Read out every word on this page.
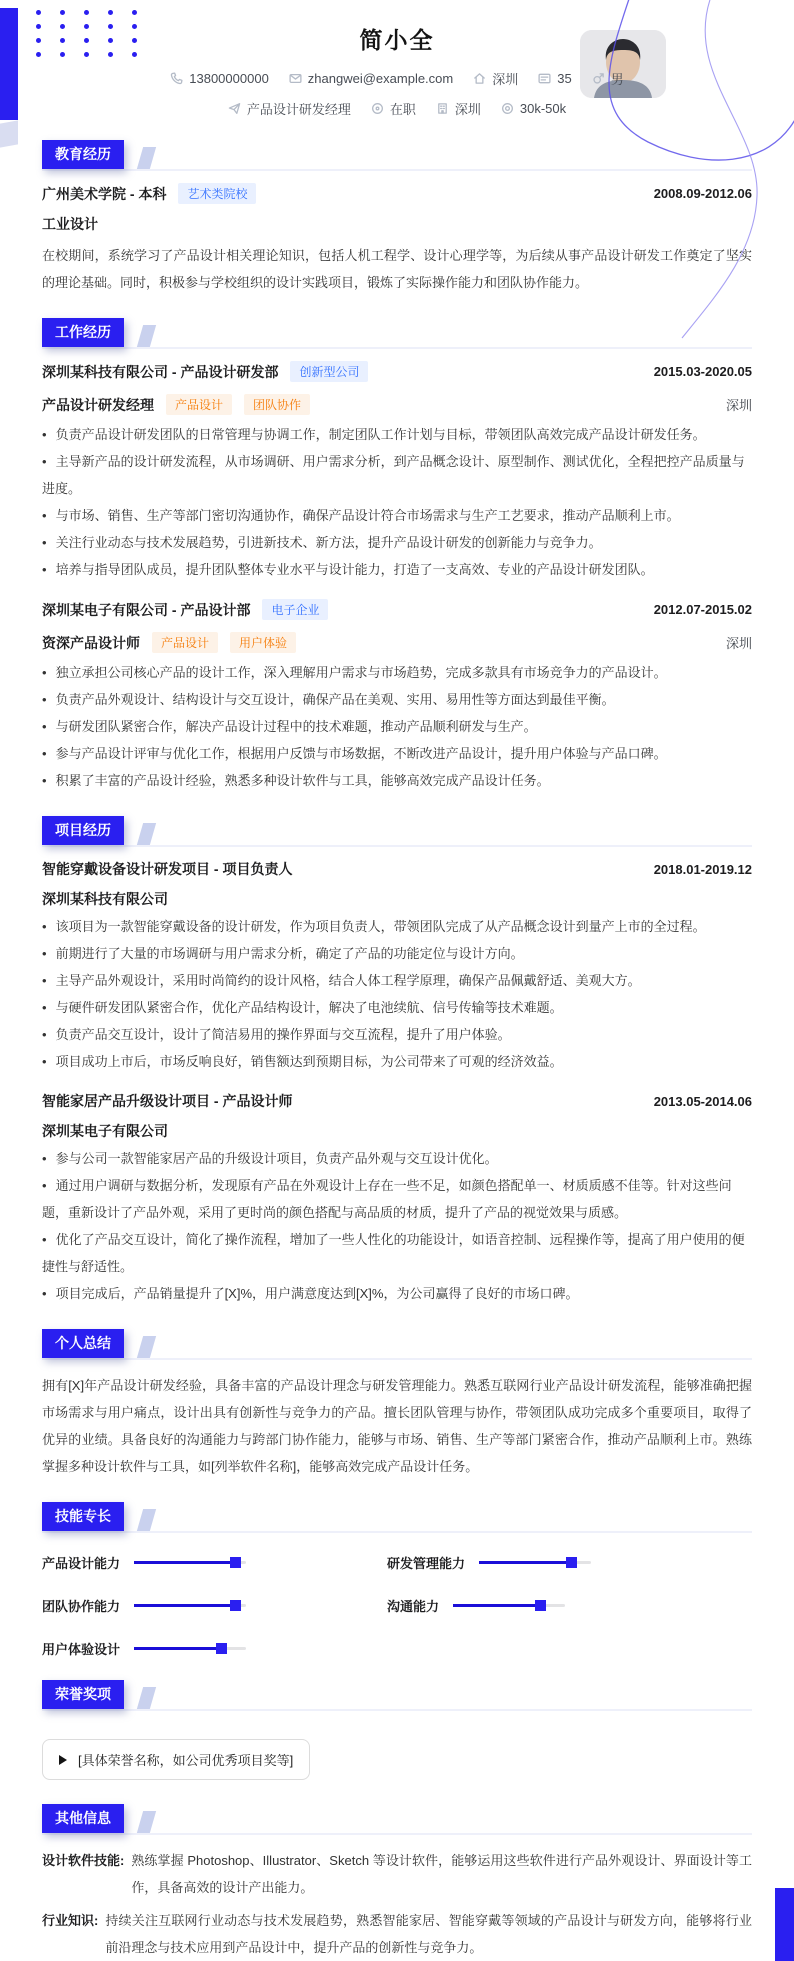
简小全
13800000000	zhangwei@example.com	深圳	35	男
产品设计研发经理	在职	深圳	30k-50k
教育经历
广州美术学院 - 本科	艺术类院校	2008.09-2012.06
工业设计
在校期间，系统学习了产品设计相关理论知识，包括人机工程学、设计心理学等，为后续从事产品设计研发工作奠定了坚实的理论基础。同时，积极参与学校组织的设计实践项目，锻炼了实际操作能力和团队协作能力。
工作经历
深圳某科技有限公司 - 产品设计研发部	创新型公司	2015.03-2020.05
产品设计研发经理	产品设计	团队协作	深圳
• 负责产品设计研发团队的日常管理与协调工作，制定团队工作计划与目标，带领团队高效完成产品设计研发任务。
• 主导新产品的设计研发流程，从市场调研、用户需求分析，到产品概念设计、原型制作、测试优化，全程把控产品质量与进度。
• 与市场、销售、生产等部门密切沟通协作，确保产品设计符合市场需求与生产工艺要求，推动产品顺利上市。
• 关注行业动态与技术发展趋势，引进新技术、新方法，提升产品设计研发的创新能力与竞争力。
• 培养与指导团队成员，提升团队整体专业水平与设计能力，打造了一支高效、专业的产品设计研发团队。
深圳某电子有限公司 - 产品设计部	电子企业	2012.07-2015.02
资深产品设计师	产品设计	用户体验	深圳
• 独立承担公司核心产品的设计工作，深入理解用户需求与市场趋势，完成多款具有市场竞争力的产品设计。
• 负责产品外观设计、结构设计与交互设计，确保产品在美观、实用、易用性等方面达到最佳平衡。
• 与研发团队紧密合作，解决产品设计过程中的技术难题，推动产品顺利研发与生产。
• 参与产品设计评审与优化工作，根据用户反馈与市场数据，不断改进产品设计，提升用户体验与产品口碑。
• 积累了丰富的产品设计经验，熟悉多种设计软件与工具，能够高效完成产品设计任务。
项目经历
智能穿戴设备设计研发项目 - 项目负责人	2018.01-2019.12
深圳某科技有限公司
• 该项目为一款智能穿戴设备的设计研发，作为项目负责人，带领团队完成了从产品概念设计到量产上市的全过程。
• 前期进行了大量的市场调研与用户需求分析，确定了产品的功能定位与设计方向。
• 主导产品外观设计，采用时尚简约的设计风格，结合人体工程学原理，确保产品佩戴舒适、美观大方。
• 与硬件研发团队紧密合作，优化产品结构设计，解决了电池续航、信号传输等技术难题。
• 负责产品交互设计，设计了简洁易用的操作界面与交互流程，提升了用户体验。
• 项目成功上市后，市场反响良好，销售额达到预期目标，为公司带来了可观的经济效益。
智能家居产品升级设计项目 - 产品设计师	2013.05-2014.06
深圳某电子有限公司
• 参与公司一款智能家居产品的升级设计项目，负责产品外观与交互设计优化。
• 通过用户调研与数据分析，发现原有产品在外观设计上存在一些不足，如颜色搭配单一、材质质感不佳等。针对这些问题，重新设计了产品外观，采用了更时尚的颜色搭配与高品质的材质，提升了产品的视觉效果与质感。
• 优化了产品交互设计，简化了操作流程，增加了一些人性化的功能设计，如语音控制、远程操作等，提高了用户使用的便捷性与舒适性。
• 项目完成后，产品销量提升了[X]%，用户满意度达到[X]%，为公司赢得了良好的市场口碑。
个人总结
拥有[X]年产品设计研发经验，具备丰富的产品设计理念与研发管理能力。熟悉互联网行业产品设计研发流程，能够准确把握市场需求与用户痛点，设计出具有创新性与竞争力的产品。擅长团队管理与协作，带领团队成功完成多个重要项目，取得了优异的业绩。具备良好的沟通能力与跨部门协作能力，能够与市场、销售、生产等部门紧密合作，推动产品顺利上市。熟练掌握多种设计软件与工具，如[列举软件名称]，能够高效完成产品设计任务。
技能专长
产品设计能力	研发管理能力
团队协作能力	沟通能力
用户体验设计
荣誉奖项
[具体荣誉名称，如公司优秀项目奖等]
其他信息
设计软件技能: 熟练掌握 Photoshop、Illustrator、Sketch 等设计软件，能够运用这些软件进行产品外观设计、界面设计等工作，具备高效的设计产出能力。
行业知识: 持续关注互联网行业动态与技术发展趋势，熟悉智能家居、智能穿戴等领域的产品设计与研发方向，能够将行业前沿理念与技术应用到产品设计中，提升产品的创新性与竞争力。
